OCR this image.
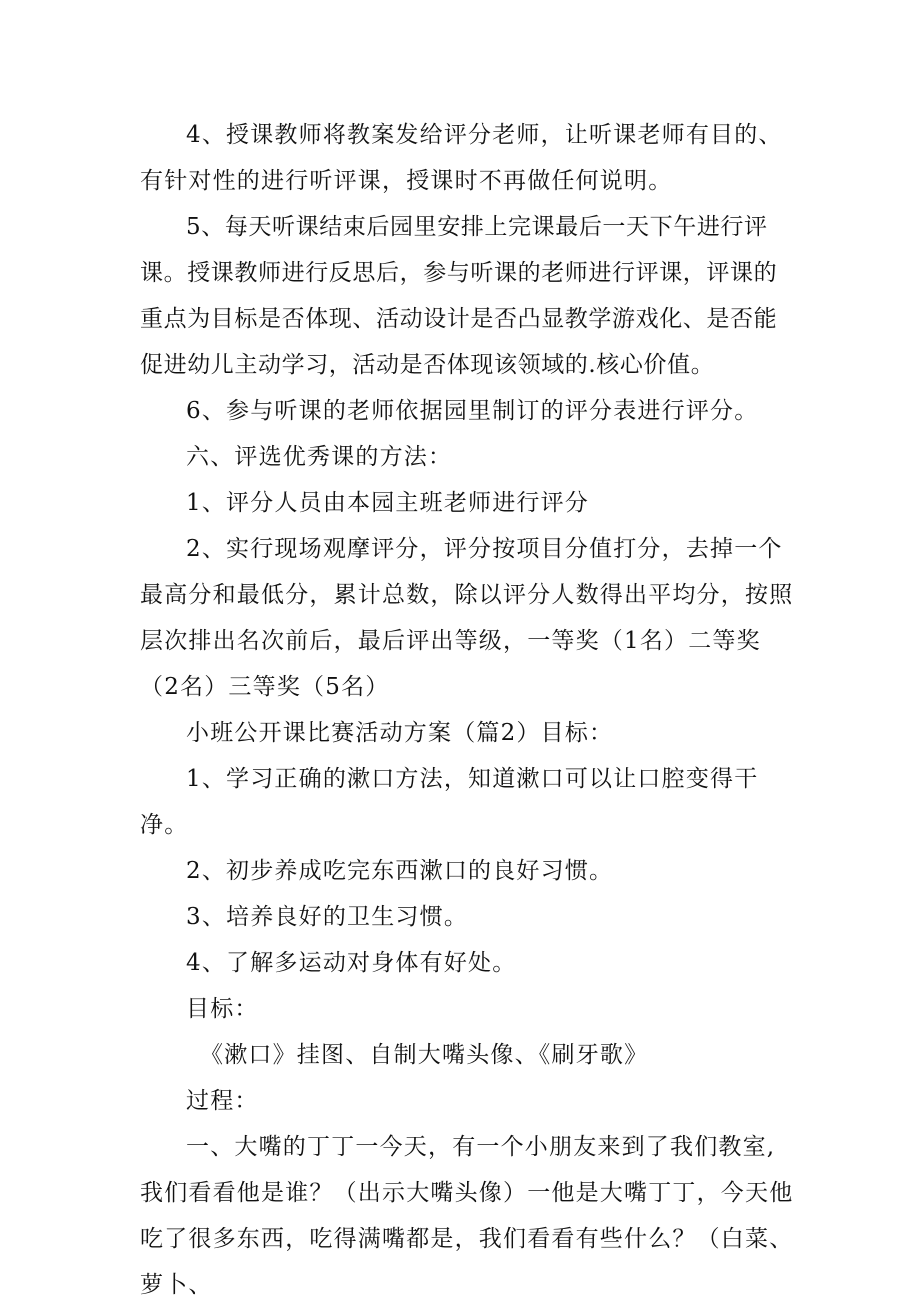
4、授课教师将教案发给评分老师，让听课老师有目的、有针对性的进行听评课，授课时不再做任何说明。

5、每天听课结束后园里安排上完课最后一天下午进行评课。授课教师进行反思后，参与听课的老师进行评课，评课的重点为目标是否体现、活动设计是否凸显教学游戏化、是否能促进幼儿主动学习，活动是否体现该领域的.核心价值。

6、参与听课的老师依据园里制订的评分表进行评分。

六、评选优秀课的方法：

1、评分人员由本园主班老师进行评分

2、实行现场观摩评分，评分按项目分值打分，去掉一个最高分和最低分，累计总数，除以评分人数得出平均分，按照层次排出名次前后，最后评出等级，一等奖（1名）二等奖（2名）三等奖（5名）

小班公开课比赛活动方案（篇2）目标：

1、学习正确的漱口方法，知道漱口可以让口腔变得干净。

2、初步养成吃完东西漱口的良好习惯。

3、培养良好的卫生习惯。

4、了解多运动对身体有好处。

目标：

《漱口》挂图、自制大嘴头像、《刷牙歌》

过程：

一、大嘴的丁丁一今天，有一个小朋友来到了我们教室,我们看看他是谁？（出示大嘴头像）一他是大嘴丁丁，今天他吃了很多东西，吃得满嘴都是，我们看看有些什么？（白菜、萝卜、
